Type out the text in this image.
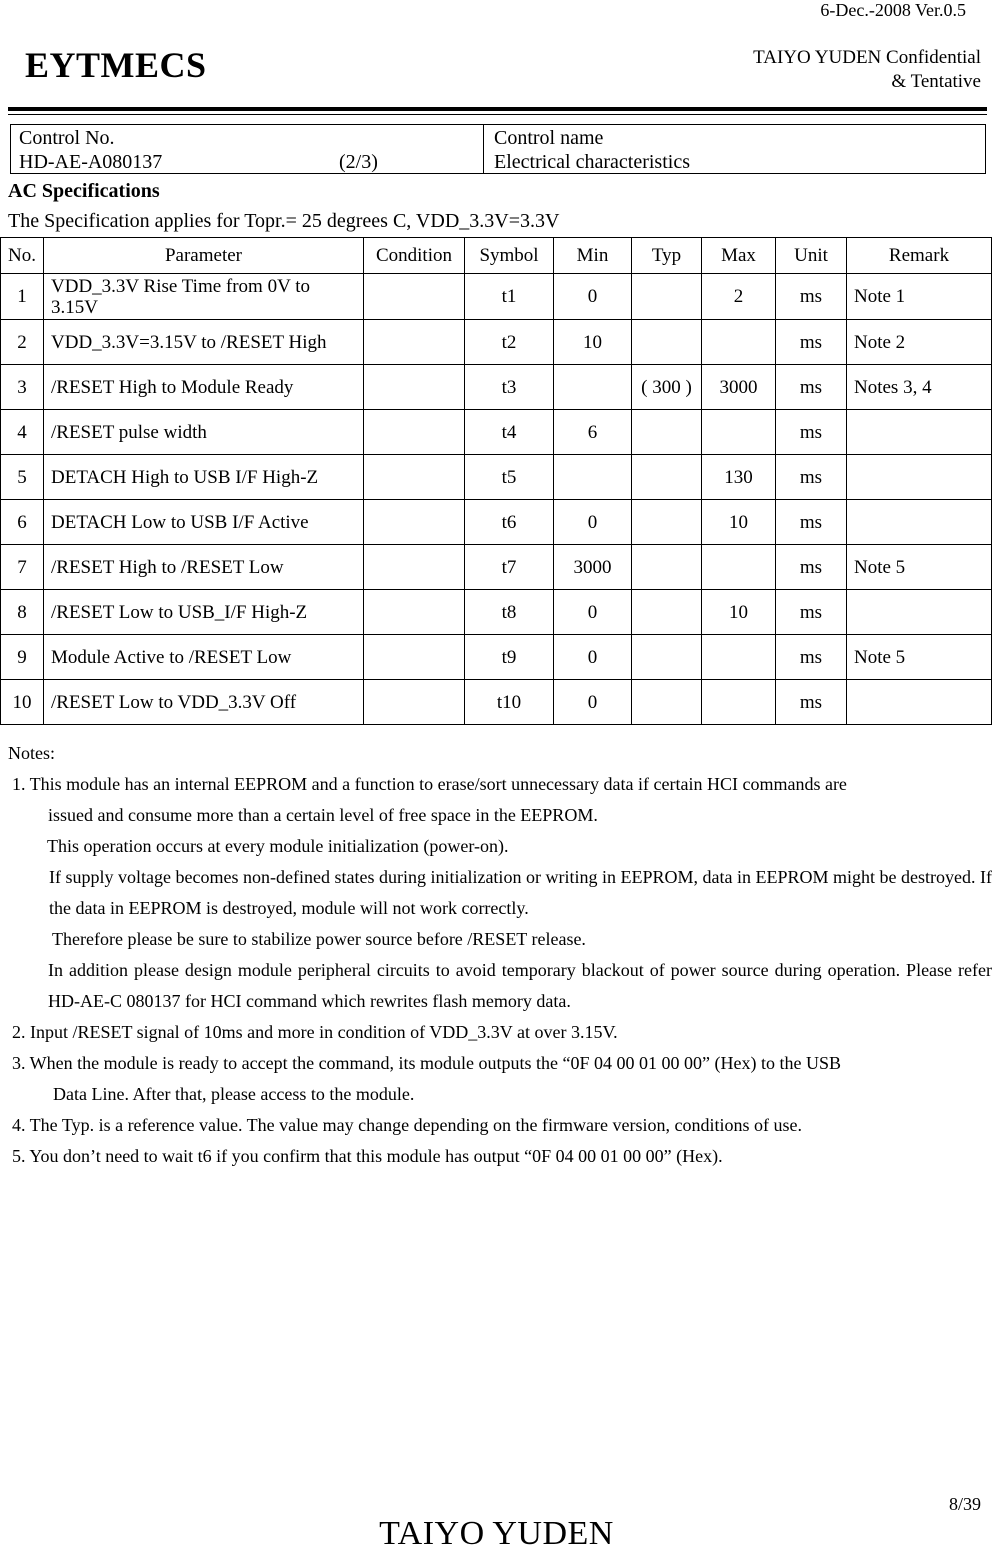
6-Dec.-2008 Ver.0.5
EYTMECS	TAIYO YUDEN Confidential
& Tentative
Control No.
HD-AE-A080137	(2/3)
Control name
Electrical characteristics
AC Specifications
The Specification applies for Topr.= 25 degrees C, VDD_3.3V=3.3V
No.	Parameter	Condition	Symbol	Min	Typ	Max	Unit	Remark
1	VDD_3.3V Rise Time from 0V to 3.15V		t1	0		2	ms	Note 1
2	VDD_3.3V=3.15V to /RESET High		t2	10			ms	Note 2
3	/RESET High to Module Ready		t3		( 300 )	3000	ms	Notes 3, 4
4	/RESET pulse width		t4	6			ms	
5	DETACH High to USB I/F High-Z		t5			130	ms	
6	DETACH Low to USB I/F Active		t6	0		10	ms	
7	/RESET High to /RESET Low		t7	3000			ms	Note 5
8	/RESET Low to USB_I/F High-Z		t8	0		10	ms	
9	Module Active to /RESET Low		t9	0			ms	Note 5
10	/RESET Low to VDD_3.3V Off		t10	0			ms	

Notes:

1. This module has an internal EEPROM and a function to erase/sort unnecessary data if certain HCI commands are

issued and consume more than a certain level of free space in the EEPROM.

This operation occurs at every module initialization (power-on).

If supply voltage becomes non-defined states during initialization or writing in EEPROM, data in EEPROM might be destroyed. If the data in EEPROM is destroyed, module will not work correctly.

Therefore please be sure to stabilize power source before /RESET release.

In addition please design module peripheral circuits to avoid temporary blackout of power source during operation. Please refer HD-AE-C 080137 for HCI command which rewrites flash memory data.

2. Input /RESET signal of 10ms and more in condition of VDD_3.3V at over 3.15V.

3. When the module is ready to accept the command, its module outputs the “0F 04 00 01 00 00” (Hex) to the USB

Data Line. After that, please access to the module.

4. The Typ. is a reference value. The value may change depending on the firmware version, conditions of use.

5. You don’t need to wait t6 if you confirm that this module has output “0F 04 00 01 00 00” (Hex).

8/39
TAIYO YUDEN
